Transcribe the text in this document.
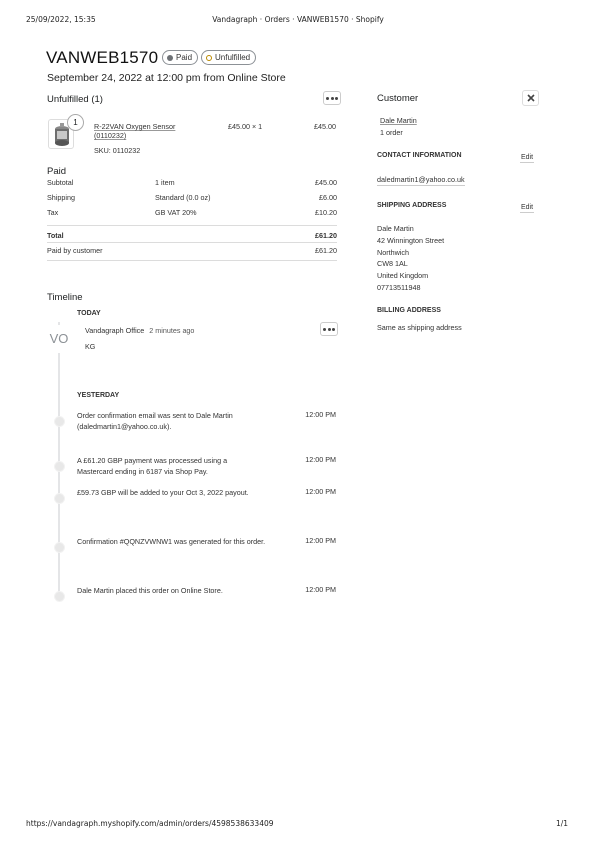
25/09/2022, 15:35	Vandagraph · Orders · VANWEB1570 · Shopify
https://vandagraph.myshopify.com/admin/orders/4598538633409	1/1
VANWEB1570 Paid	Unfulfilled
September 24, 2022 at 12:00 pm from Online Store
Unfulfilled (1)
1	R-22VAN Oxygen Sensor
(0110232)
SKU: 0110232
£45.00 × 1	£45.00
Paid
Subtotal	1 item	£45.00
Shipping	Standard (0.0 oz)	£6.00
Tax	GB VAT 20%	£10.20
Total	£61.20
Paid by customer	£61.20
Timeline
TODAY
VO
Vandagraph Office 2 minutes ago
KG
YESTERDAY
Order confirmation email was sent to Dale Martin
(daledmartin1@yahoo.co.uk).
12:00 PM
A £61.20 GBP payment was processed using a
Mastercard ending in 6187 via Shop Pay.
12:00 PM
£59.73 GBP will be added to your Oct 3, 2022 payout.	12:00 PM
Confirmation #QQNZVWNW1 was generated for this order.	12:00 PM
Dale Martin placed this order on Online Store.	12:00 PM
Customer
Dale Martin
1 order
CONTACT INFORMATION	Edit
daledmartin1@yahoo.co.uk
SHIPPING ADDRESS	Edit
Dale Martin
42 Winnington Street
Northwich
CW8 1AL
United Kingdom
07713511948
BILLING ADDRESS
Same as shipping address
